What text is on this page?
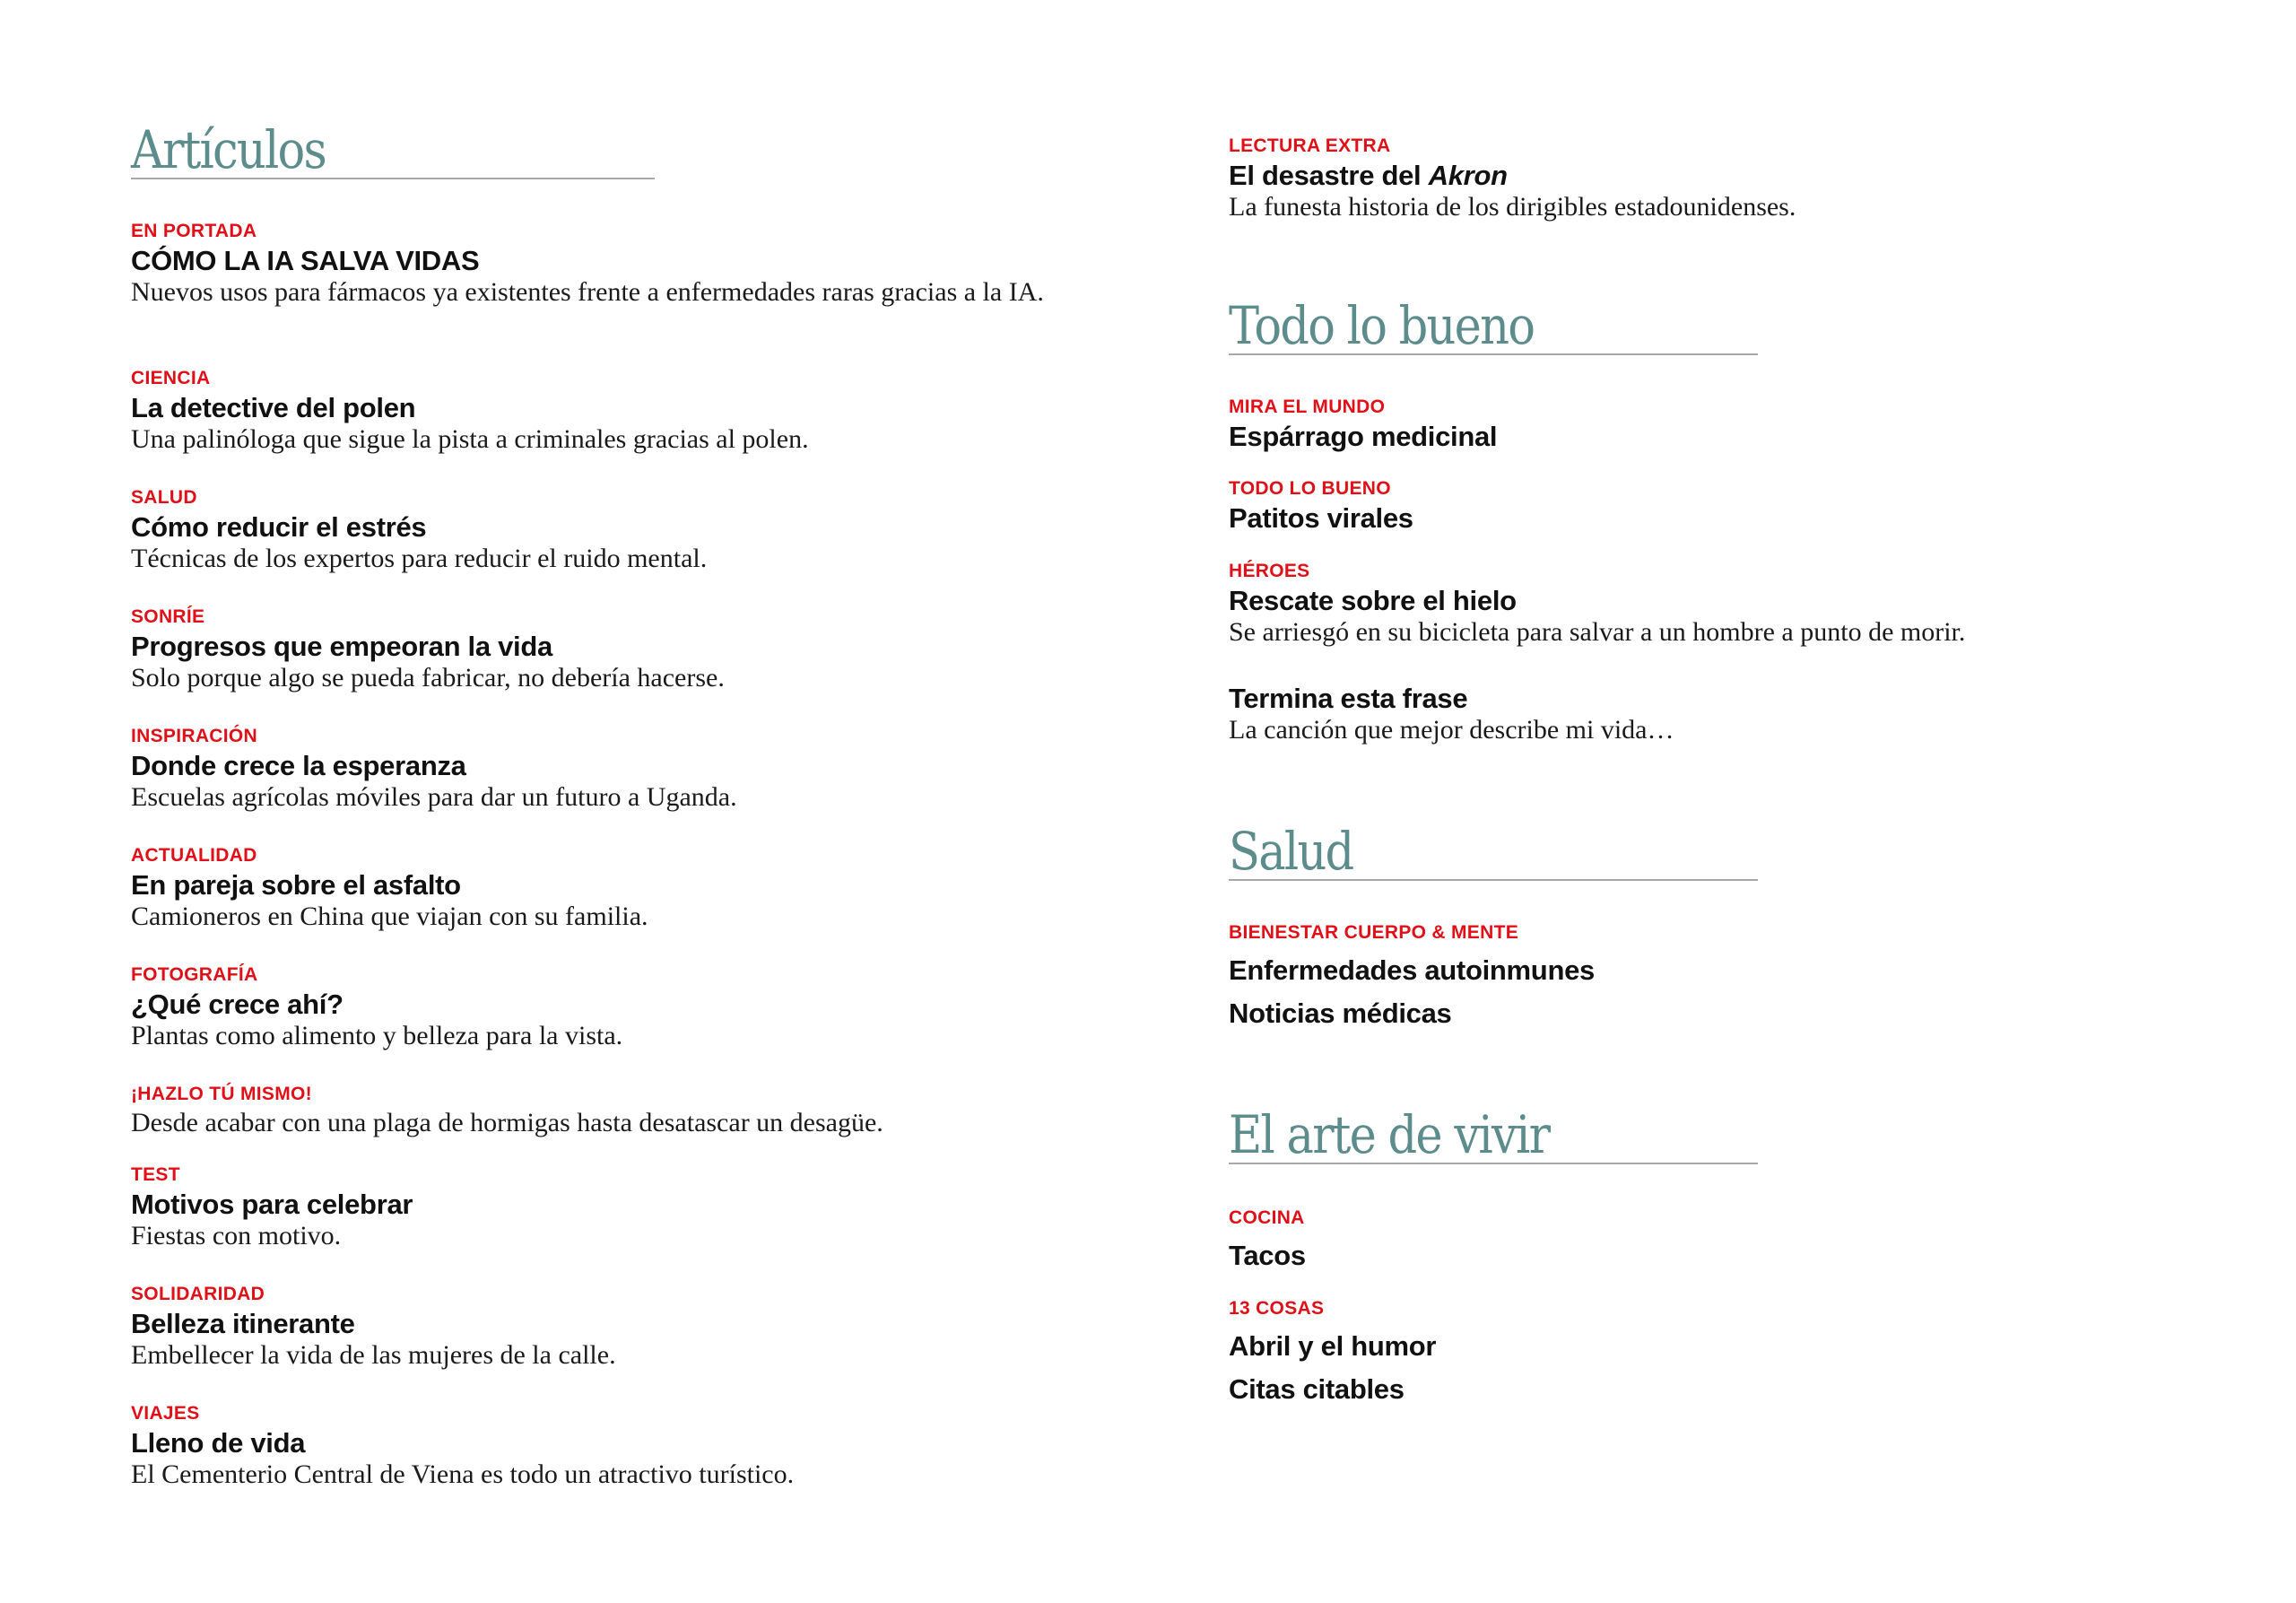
Artículos

EN PORTADA

CÓMO LA IA SALVA VIDAS

Nuevos usos para fármacos ya existentes frente a enfermedades raras gracias a la IA.

CIENCIA

La detective del polen

Una palinóloga que sigue la pista a criminales gracias al polen.

SALUD

Cómo reducir el estrés

Técnicas de los expertos para reducir el ruido mental.

SONRÍE

Progresos que empeoran la vida

Solo porque algo se pueda fabricar, no debería hacerse.

INSPIRACIÓN

Donde crece la esperanza

Escuelas agrícolas móviles para dar un futuro a Uganda.

ACTUALIDAD

En pareja sobre el asfalto

Camioneros en China que viajan con su familia.

FOTOGRAFÍA

¿Qué crece ahí?

Plantas como alimento y belleza para la vista.

¡HAZLO TÚ MISMO!

Desde acabar con una plaga de hormigas hasta desatascar un desagüe.

TEST

Motivos para celebrar

Fiestas con motivo.

SOLIDARIDAD

Belleza itinerante

Embellecer la vida de las mujeres de la calle.

VIAJES

Lleno de vida

El Cementerio Central de Viena es todo un atractivo turístico.

LECTURA EXTRA

El desastre del Akron

La funesta historia de los dirigibles estadounidenses.

Todo lo bueno

MIRA EL MUNDO

Espárrago medicinal

TODO LO BUENO

Patitos virales

HÉROES

Rescate sobre el hielo

Se arriesgó en su bicicleta para salvar a un hombre a punto de morir.

Termina esta frase

La canción que mejor describe mi vida…

Salud

BIENESTAR CUERPO & MENTE

Enfermedades autoinmunes

Noticias médicas

El arte de vivir

COCINA

Tacos

13 COSAS

Abril y el humor

Citas citables
